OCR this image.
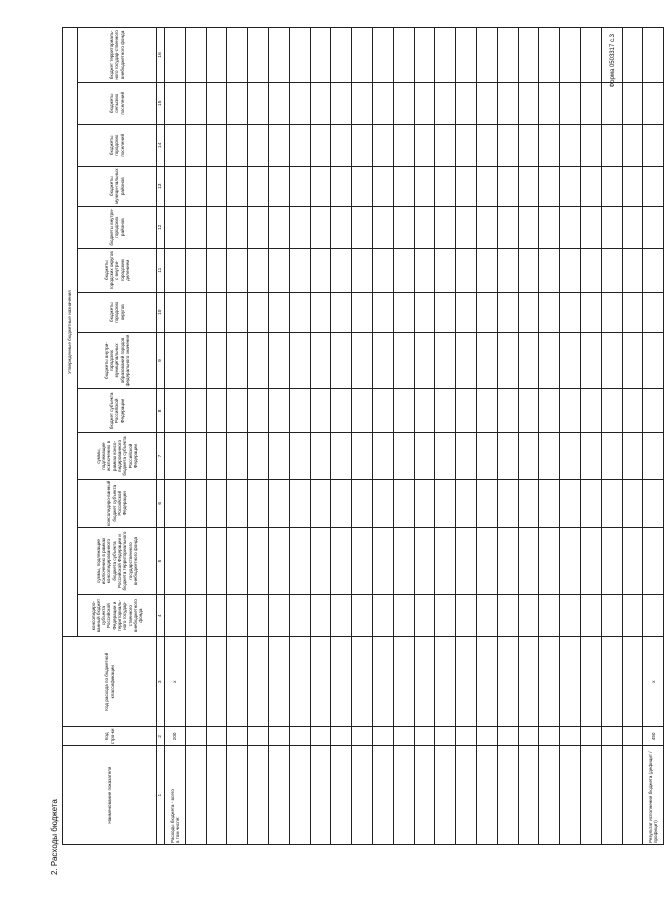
2. Расходы бюджета
Форма 0503317 с.3
Наименование показателя	Код стро-ки	Код расхода по бюджетной классификации	Утвержденные бюджетные назначения												
			консолидиро-ванный бюджет субъекта Российской Федерации и территориаль-ного государ-ственного внебюджетного фонда	суммы, подлежащие исключению в рамках консолидированного бюджета субъекта Российской Федерации и бюджета территориального государственного внебюджетного фонда	консолидиро-ванный бюджет субъекта Российской Федерации	суммы, подлежащие исключению в рамках консо-лидированного бюджета субъекта Российской Федерации	бюджет субъекта Российской Федерации	бюджеты внутри-городских муниципальных образований городов федерального значения	бюджеты городских округов	бюджеты городских округов с внутри-городским делением	бюджеты внутри-городских районов	бюджеты муници-пальных районов	бюджеты городских поселений	бюджеты сельских поселений	бюджет территориаль-ного государ-ственного внебюджетного фонда
1	2	3	4	5	6	7	8	9	10	11	12	13	14	15	16
Расходы бюджета - всего
в том числе:	200	x													

Результат исполнения бюджета (дефицит / профицит)	450	x													
